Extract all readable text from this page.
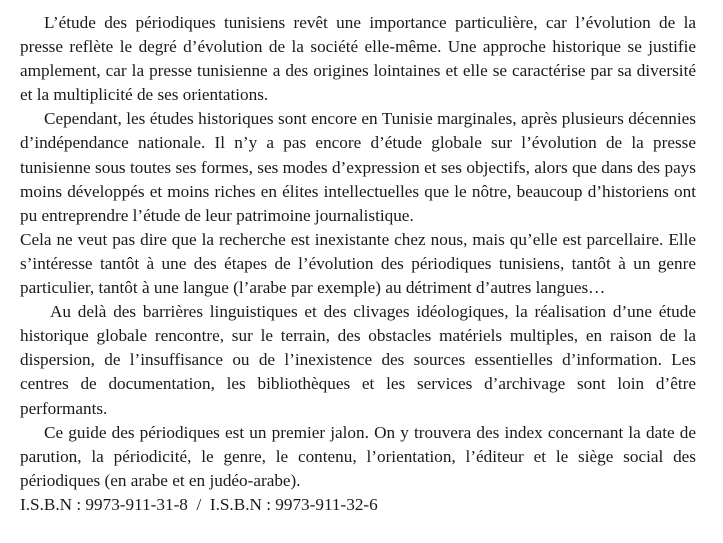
L’étude des périodiques tunisiens revêt une importance particulière, car l’évolution de la presse reflète le degré d’évolution de la société elle-même. Une approche historique se justifie amplement, car la presse tunisienne a des origines lointaines et elle se caractérise par sa diversité et la multiplicité de ses orientations.

Cependant, les études historiques sont encore en Tunisie marginales, après plusieurs décennies d’indépendance nationale. Il n’y a pas encore d’étude globale sur l’évolution de la presse tunisienne sous toutes ses formes, ses modes d’expression et ses objectifs, alors que dans des pays moins développés et moins riches en élites intellectuelles que le nôtre, beaucoup d’historiens ont pu entreprendre l’étude de leur patrimoine journalistique.

Cela ne veut pas dire que la recherche est inexistante chez nous, mais qu’elle est parcellaire. Elle s’intéresse tantôt à une des étapes de l’évolution des périodiques tunisiens, tantôt à un genre particulier, tantôt à une langue (l’arabe par exemple) au détriment d’autres langues…

Au delà des barrières linguistiques et des clivages idéologiques, la réalisation d’une étude historique globale rencontre, sur le terrain, des obstacles matériels multiples, en raison de la dispersion, de l’insuffisance ou de l’inexistence des sources essentielles d’information. Les centres de documentation, les bibliothèques et les services d’archivage sont loin d’être performants.

Ce guide des périodiques est un premier jalon. On y trouvera des index concernant la date de parution, la périodicité, le genre, le contenu, l’orientation, l’éditeur et le siège social des périodiques (en arabe et en judéo-arabe).

I.S.B.N : 9973-911-31-8  /  I.S.B.N : 9973-911-32-6
